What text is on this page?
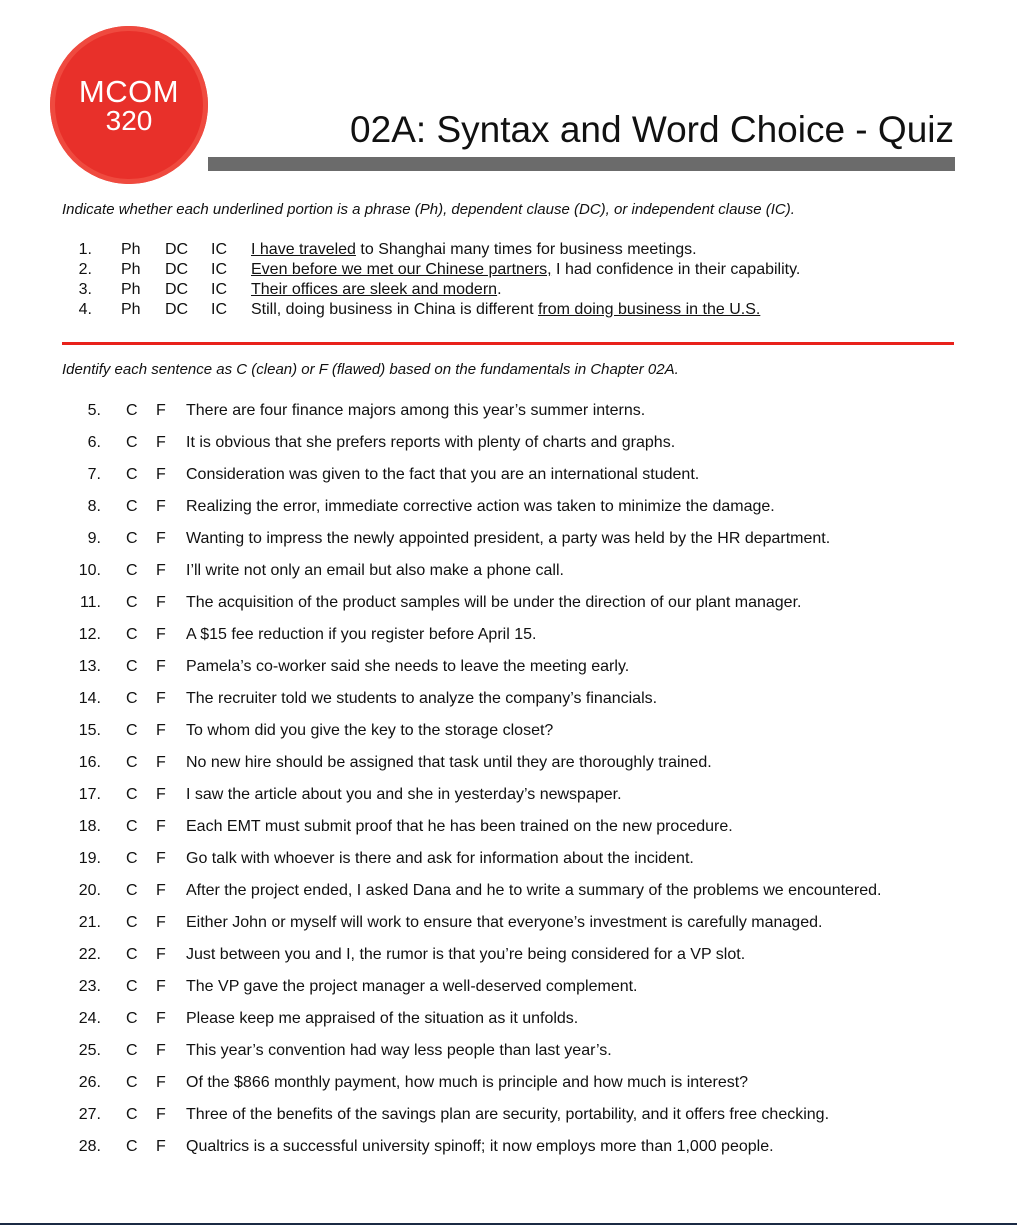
MCOM
320	02A: Syntax and Word Choice - Quiz
Indicate whether each underlined portion is a phrase (Ph), dependent clause (DC), or independent clause (IC).
1. Ph DC IC I have traveled to Shanghai many times for business meetings.
2. Ph DC IC Even before we met our Chinese partners, I had confidence in their capability.
3. Ph DC IC Their offices are sleek and modern.
4. Ph DC IC Still, doing business in China is different from doing business in the U.S.
Identify each sentence as C (clean) or F (flawed) based on the fundamentals in Chapter 02A.
5. C F There are four finance majors among this year’s summer interns.
6. C F It is obvious that she prefers reports with plenty of charts and graphs.
7. C F Consideration was given to the fact that you are an international student.
8. C F Realizing the error, immediate corrective action was taken to minimize the damage.
9. C F Wanting to impress the newly appointed president, a party was held by the HR department.
10. C F I’ll write not only an email but also make a phone call.
11. C F The acquisition of the product samples will be under the direction of our plant manager.
12. C F A $15 fee reduction if you register before April 15.
13. C F Pamela’s co-worker said she needs to leave the meeting early.
14. C F The recruiter told we students to analyze the company’s financials.
15. C F To whom did you give the key to the storage closet?
16. C F No new hire should be assigned that task until they are thoroughly trained.
17. C F I saw the article about you and she in yesterday’s newspaper.
18. C F Each EMT must submit proof that he has been trained on the new procedure.
19. C F Go talk with whoever is there and ask for information about the incident.
20. C F After the project ended, I asked Dana and he to write a summary of the problems we encountered.
21. C F Either John or myself will work to ensure that everyone’s investment is carefully managed.
22. C F Just between you and I, the rumor is that you’re being considered for a VP slot.
23. C F The VP gave the project manager a well-deserved complement.
24. C F Please keep me appraised of the situation as it unfolds.
25. C F This year’s convention had way less people than last year’s.
26. C F Of the $866 monthly payment, how much is principle and how much is interest?
27. C F Three of the benefits of the savings plan are security, portability, and it offers free checking.
28. C F Qualtrics is a successful university spinoff; it now employs more than 1,000 people.
